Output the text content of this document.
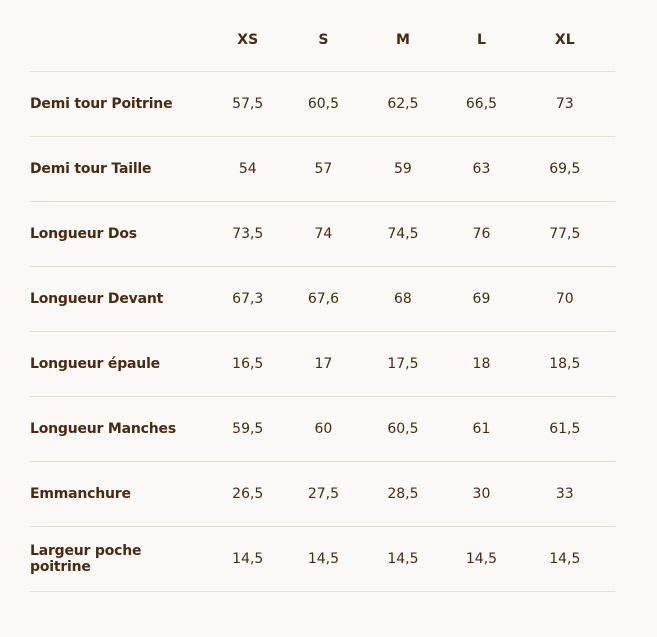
	XS	S	M	L	XL
Demi tour Poitrine	57,5	60,5	62,5	66,5	73
Demi tour Taille	54	57	59	63	69,5
Longueur Dos	73,5	74	74,5	76	77,5
Longueur Devant	67,3	67,6	68	69	70
Longueur épaule	16,5	17	17,5	18	18,5
Longueur Manches	59,5	60	60,5	61	61,5
Emmanchure	26,5	27,5	28,5	30	33
Largeur poche poitrine	14,5	14,5	14,5	14,5	14,5
